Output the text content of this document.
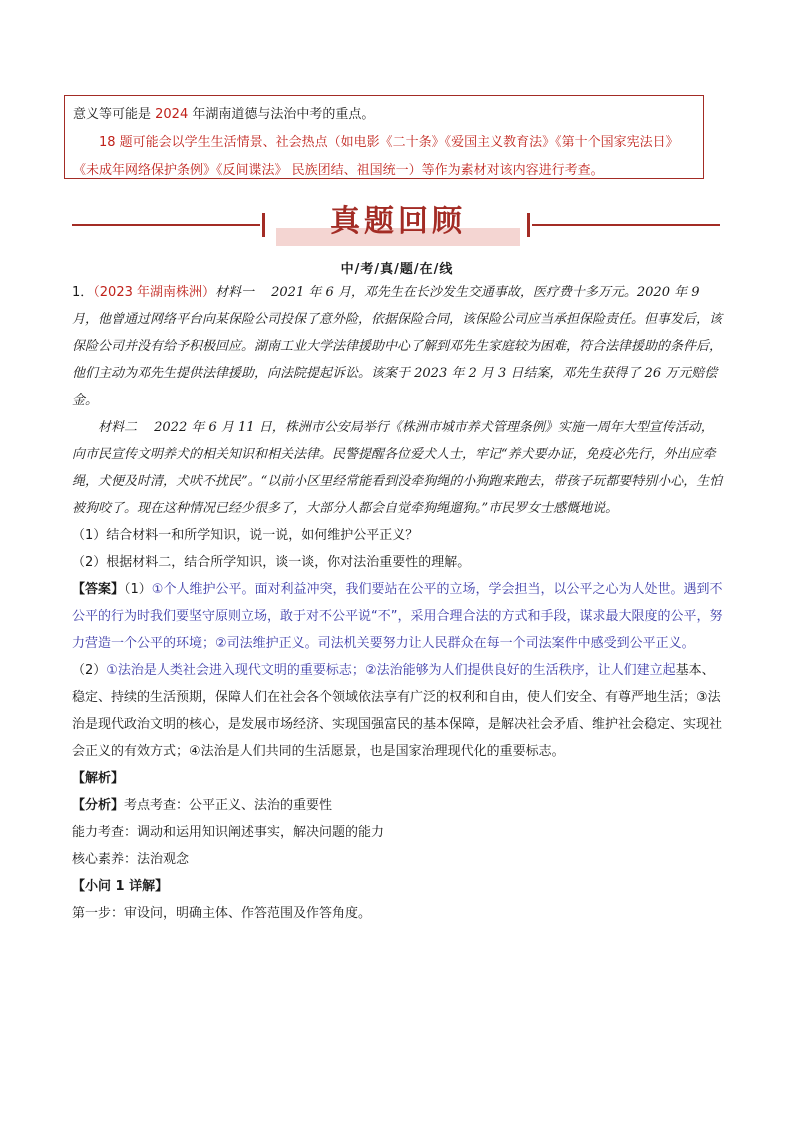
意义等可能是 2024 年湖南道德与法治中考的重点。

18 题可能会以学生生活情景、社会热点（如电影《二十条》《爱国主义教育法》《第十个国家宪法日》《未成年网络保护条例》《反间谍法》 民族团结、祖国统一）等作为素材对该内容进行考查。

真题回顾
中/考/真/题/在/线

1．（2023 年湖南株洲）材料一　 2021 年 6 月，邓先生在长沙发生交通事故，医疗费十多万元。2020 年 9 月，他曾通过网络平台向某保险公司投保了意外险，依据保险合同，该保险公司应当承担保险责任。但事发后，该保险公司并没有给予积极回应。湖南工业大学法律援助中心了解到邓先生家庭较为困难，符合法律援助的条件后，他们主动为邓先生提供法律援助，向法院提起诉讼。该案于 2023 年 2 月 3 日结案，邓先生获得了 26 万元赔偿金。

材料二　 2022 年 6 月 11 日，株洲市公安局举行《株洲市城市养犬管理条例》实施一周年大型宣传活动，向市民宣传文明养犬的相关知识和相关法律。民警提醒各位爱犬人士，牢记“养犬要办证，免疫必先行，外出应牵绳，犬便及时清，犬吠不扰民”。“以前小区里经常能看到没牵狗绳的小狗跑来跑去，带孩子玩都要特别小心，生怕被狗咬了。现在这种情况已经少很多了，大部分人都会自觉牵狗绳遛狗。”市民罗女士感慨地说。

（1）结合材料一和所学知识，说一说，如何维护公平正义？

（2）根据材料二，结合所学知识，谈一谈，你对法治重要性的理解。

【答案】（1）①个人维护公平。面对利益冲突，我们要站在公平的立场，学会担当，以公平之心为人处世。遇到不公平的行为时我们要坚守原则立场，敢于对不公平说“不”，采用合理合法的方式和手段，谋求最大限度的公平，努力营造一个公平的环境；②司法维护正义。司法机关要努力让人民群众在每一个司法案件中感受到公平正义。

（2）①法治是人类社会进入现代文明的重要标志；②法治能够为人们提供良好的生活秩序，让人们建立起基本、稳定、持续的生活预期，保障人们在社会各个领域依法享有广泛的权利和自由，使人们安全、有尊严地生活；③法治是现代政治文明的核心，是发展市场经济、实现国强富民的基本保障，是解决社会矛盾、维护社会稳定、实现社会正义的有效方式；④法治是人们共同的生活愿景，也是国家治理现代化的重要标志。

【解析】

【分析】考点考查：公平正义、法治的重要性

能力考查：调动和运用知识阐述事实，解决问题的能力

核心素养：法治观念

【小问 1 详解】

第一步：审设问，明确主体、作答范围及作答角度。
